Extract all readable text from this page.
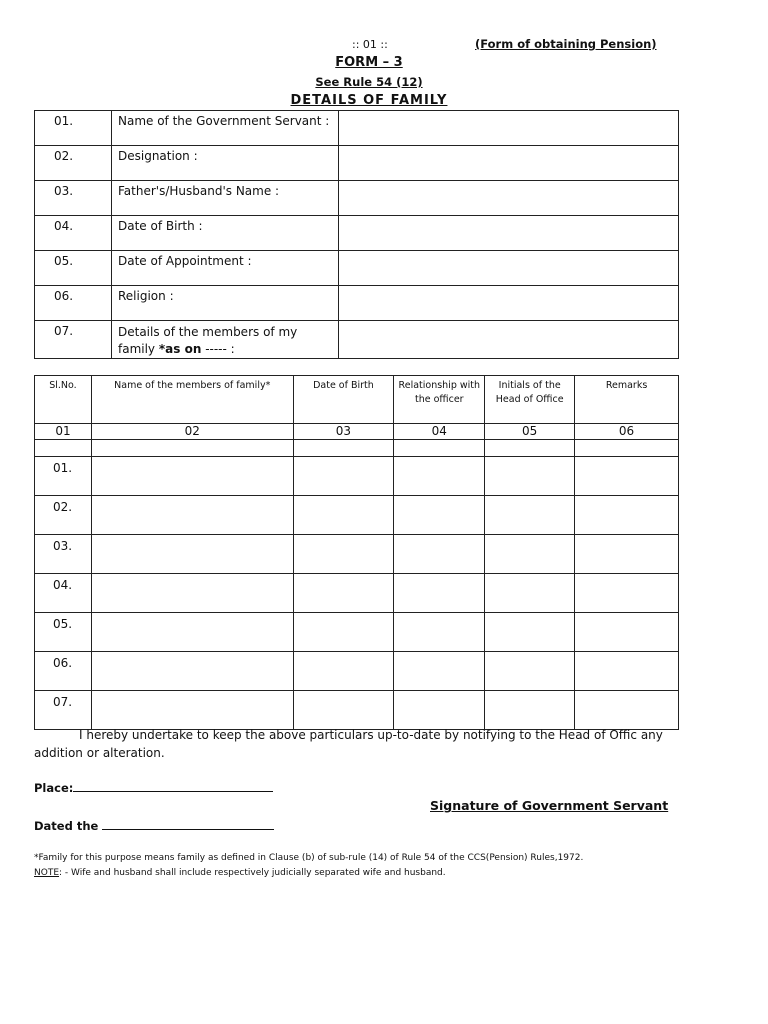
:: 01 ::	(Form of obtaining Pension)
FORM – 3
See Rule 54 (12)
DETAILS OF FAMILY
01.	Name of the Government Servant :	
02.	Designation :	
03.	Father's/Husband's Name :	
04.	Date of Birth :	
05.	Date of Appointment :	
06.	Religion :	
07.	Details of the members of my family *as on ----- :	
Sl.No.	Name of the members of family*	Date of Birth	Relationship with the officer	Initials of the Head of Office	Remarks
01	02	03	04	05	06

01.					
02.					
03.					
04.					
05.					
06.					
07.					
I hereby undertake to keep the above particulars up-to-date by notifying to the Head of Offic any addition or alteration.
Place:
Dated the
Signature of Government Servant
*Family for this purpose means family as defined in Clause (b) of sub-rule (14) of Rule 54 of the CCS(Pension) Rules,1972.
NOTE: - Wife and husband shall include respectively judicially separated wife and husband.
